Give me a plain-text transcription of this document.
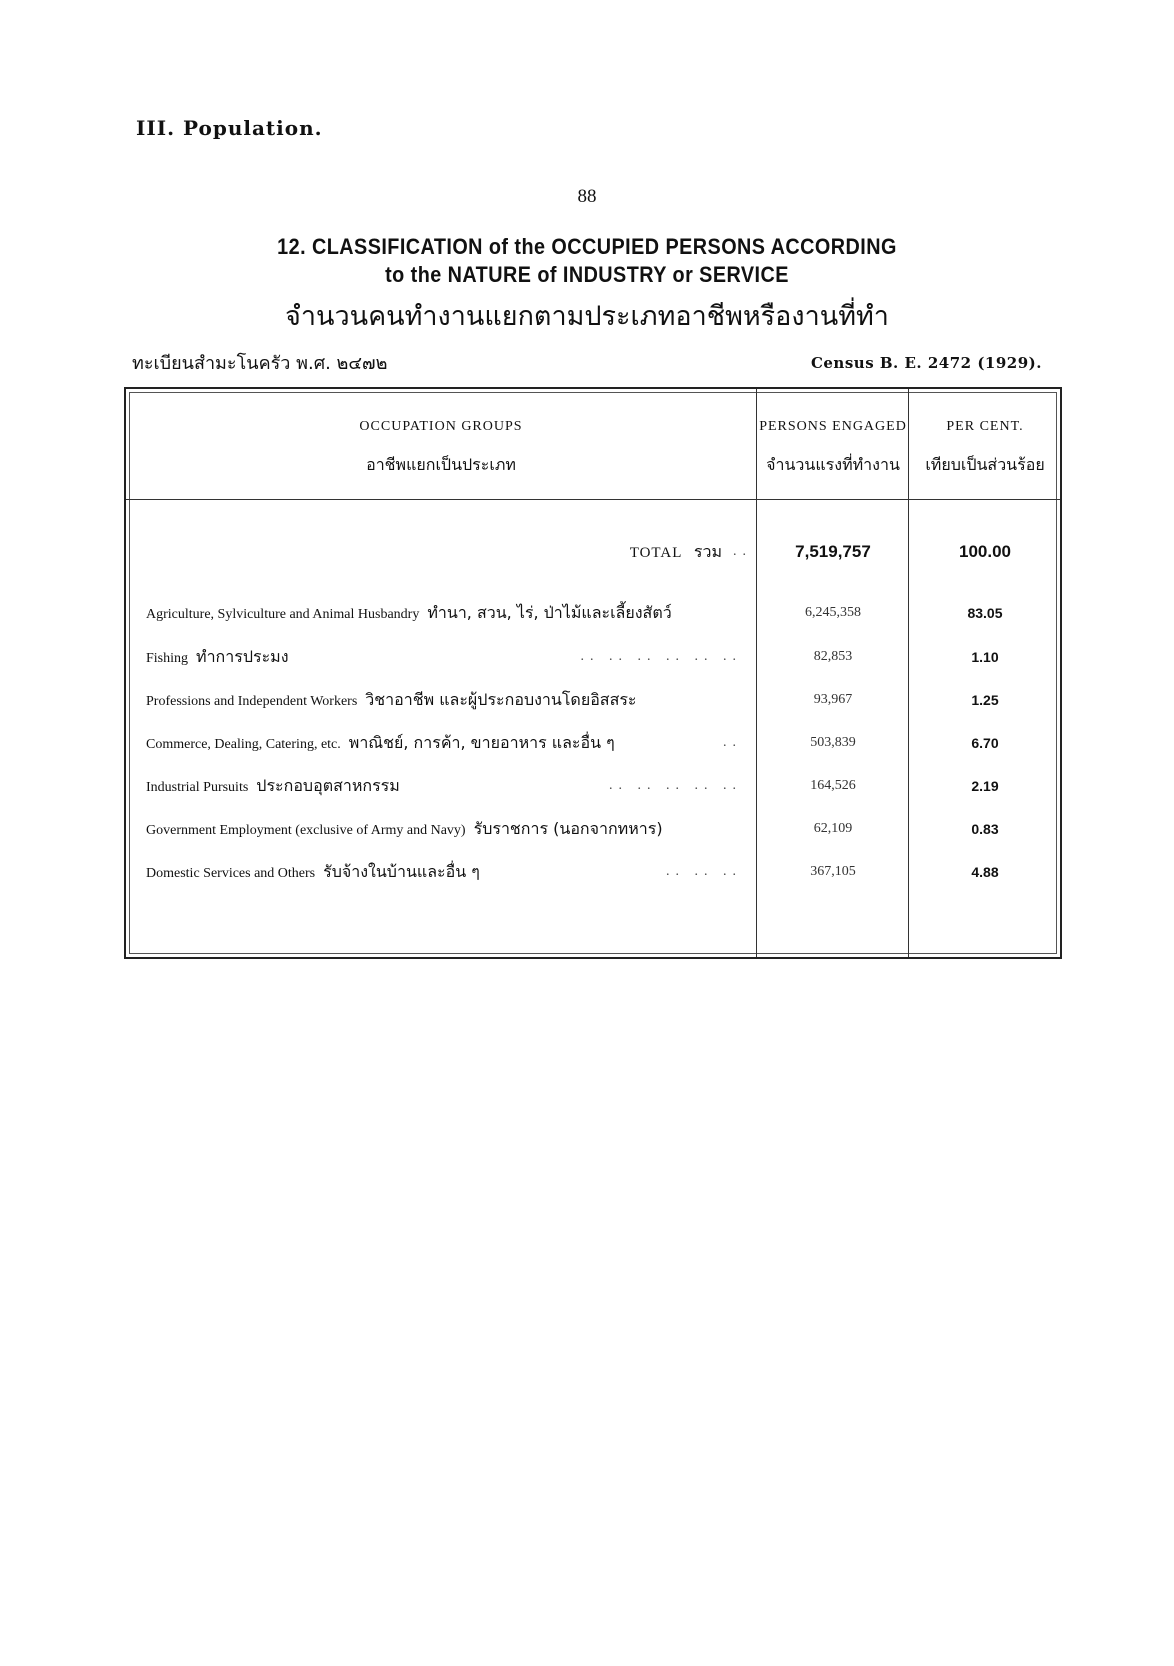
III. Population.
88
12. CLASSIFICATION of the OCCUPIED PERSONS ACCORDING
to the NATURE of INDUSTRY or SERVICE
จำนวนคนทำงานแยกตามประเภทอาชีพหรืองานที่ทำ
ทะเบียนสำมะโนครัว พ.ศ. ๒๔๗๒	Census B. E. 2472 (1929).
OCCUPATION GROUPS
อาชีพแยกเป็นประเภท
PERSONS ENGAGED
จำนวนแรงที่ทำงาน
PER CENT.
เทียบเป็นส่วนร้อย
TOTAL รวม ..	7,519,757	100.00
Agriculture, Sylviculture and Animal Husbandry ทำนา, สวน, ไร่, ป่าไม้และเลี้ยงสัตว์	6,245,358	83.05
Fishing ทำการประมง	.. .. .. .. .. ..	82,853	1.10
Professions and Independent Workers วิชาอาชีพ และผู้ประกอบงานโดยอิสสระ	93,967	1.25
Commerce, Dealing, Catering, etc. พาณิชย์, การค้า, ขายอาหาร และอื่น ๆ	..	503,839	6.70
Industrial Pursuits ประกอบอุตสาหกรรม	.. .. .. .. ..	164,526	2.19
Government Employment (exclusive of Army and Navy) รับราชการ (นอกจากทหาร)	62,109	0.83
Domestic Services and Others รับจ้างในบ้านและอื่น ๆ	.. .. ..	367,105	4.88
